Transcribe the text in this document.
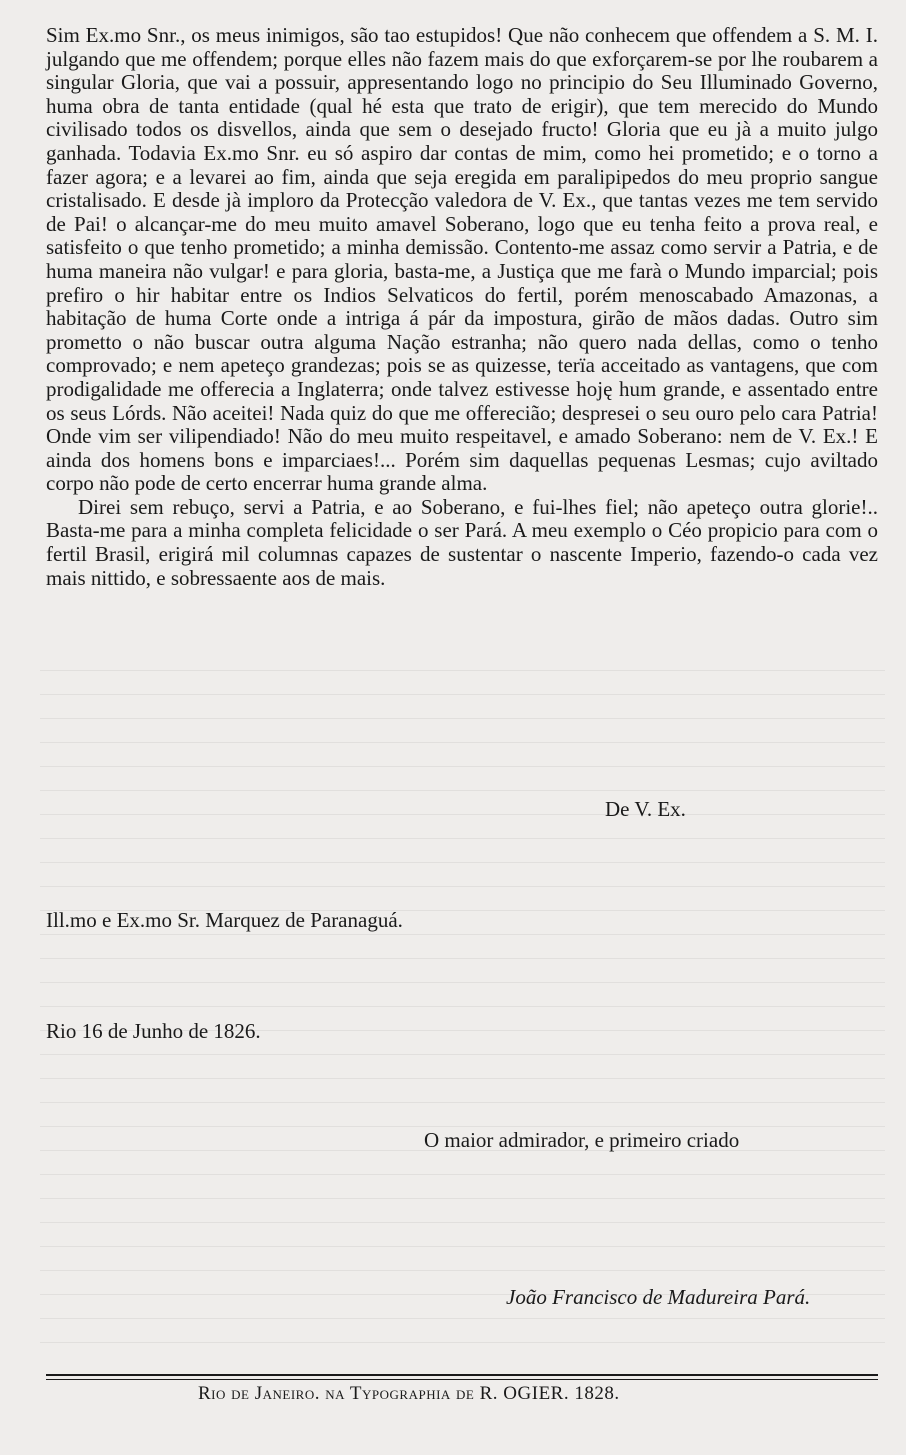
Sim Ex.mo Snr., os meus inimigos, são tao estupidos! Que não conhecem que offendem a S. M. I. julgando que me offendem; porque elles não fazem mais do que exforçarem-se por lhe roubarem a singular Gloria, que vai a possuir, appresentando logo no principio do Seu Illuminado Governo, huma obra de tanta entidade (qual hé esta que trato de erigir), que tem merecido do Mundo civilisado todos os disvellos, ainda que sem o desejado fructo! Gloria que eu jà a muito julgo ganhada. Todavia Ex.mo Snr. eu só aspiro dar contas de mim, como hei prometido; e o torno a fazer agora; e a levarei ao fim, ainda que seja eregida em paralipipedos do meu proprio sangue cristalisado. E desde jà imploro da Protecção valedora de V. Ex., que tantas vezes me tem servido de Pai! o alcançar-me do meu muito amavel Soberano, logo que eu tenha feito a prova real, e satisfeito o que tenho prometido; a minha demissão. Contento-me assaz como servir a Patria, e de huma maneira não vulgar! e para gloria, basta-me, a Justiça que me farà o Mundo imparcial; pois prefiro o hir habitar entre os Indios Selvaticos do fertil, porém menoscabado Amazonas, a habitação de huma Corte onde a intriga á pár da impostura, girão de mãos dadas. Outro sim prometto o não buscar outra alguma Nação estranha; não quero nada dellas, como o tenho comprovado; e nem apeteço grandezas; pois se as quizesse, terïa acceitado as vantagens, que com prodigalidade me offerecia a Inglaterra; onde talvez estivesse hoję hum grande, e assentado entre os seus Lórds. Não aceitei! Nada quiz do que me offerecião; despresei o seu ouro pelo cara Patria! Onde vim ser vilipendiado! Não do meu muito respeitavel, e amado Soberano: nem de V. Ex.! E ainda dos homens bons e imparciaes!... Porém sim daquellas pequenas Lesmas; cujo aviltado corpo não pode de certo encerrar huma grande alma.

Direi sem rebuço, servi a Patria, e ao Soberano, e fui-lhes fiel; não apeteço outra glorie!.. Basta-me para a minha completa felicidade o ser Pará. A meu exemplo o Céo propicio para com o fertil Brasil, erigirá mil columnas capazes de sustentar o nascente Imperio, fazendo-o cada vez mais nittido, e sobressaente aos de mais.

De V. Ex.
Ill.mo e Ex.mo Sr. Marquez de Paranaguá.
Rio 16 de Junho de 1826.
O maior admirador, e primeiro criado
João Francisco de Madureira Pará.
Rio de Janeiro. na Typographia de R. OGIER. 1828.
